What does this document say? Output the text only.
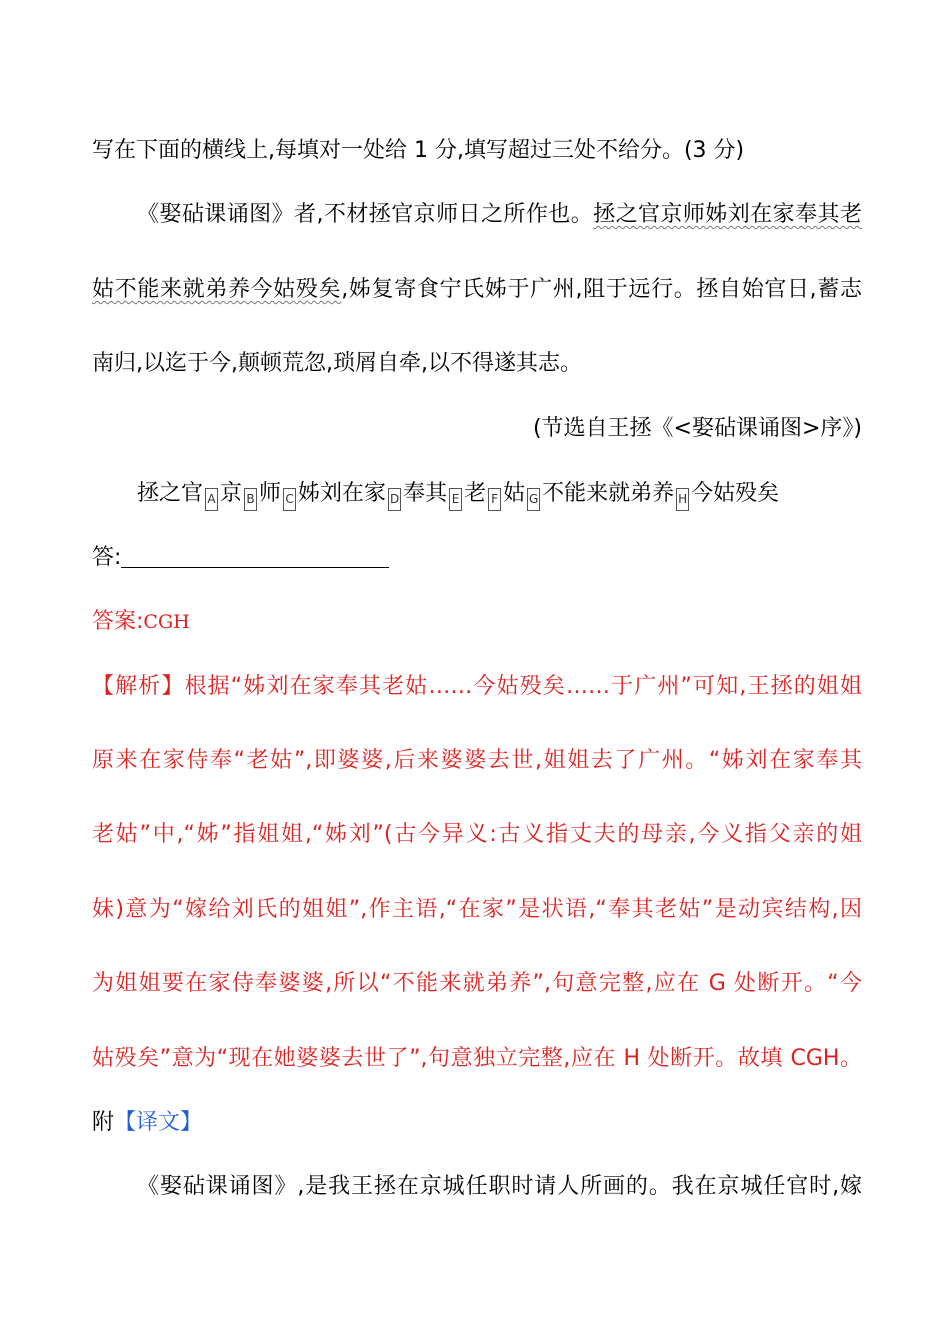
写在下面的横线上,每填对一处给 1 分,填写超过三处不给分。(3 分)
《娶砧课诵图》者,不材拯官京师日之所作也。拯之官京师姊刘在家奉其老
姑不能来就弟养今姑殁矣,姊复寄食宁氏姊于广州,阻于远行。拯自始官日,蓄志
南归,以迄于今,颠顿荒忽,琐屑自牵,以不得遂其志。
(节选自王拯《<娶砧课诵图>序》)
拯之官 A 京 B 师 C 姊刘在家 D 奉其 E 老 F 姑 G 不能来就弟养 H 今姑殁矣
答:
答案:CGH
【解析】根据“姊刘在家奉其老姑……今姑殁矣……于广州”可知,王拯的姐姐
原来在家侍奉“老姑”,即婆婆,后来婆婆去世,姐姐去了广州。“姊刘在家奉其
老姑”中,“姊”指姐姐,“姊刘”(古今异义:古义指丈夫的母亲,今义指父亲的姐
妹)意为“嫁给刘氏的姐姐”,作主语,“在家”是状语,“奉其老姑”是动宾结构,因
为姐姐要在家侍奉婆婆,所以“不能来就弟养”,句意完整,应在 G 处断开。“今
姑殁矣”意为“现在她婆婆去世了”,句意独立完整,应在 H 处断开。故填 CGH。
附【译文】
《娶砧课诵图》,是我王拯在京城任职时请人所画的。我在京城任官时,嫁
